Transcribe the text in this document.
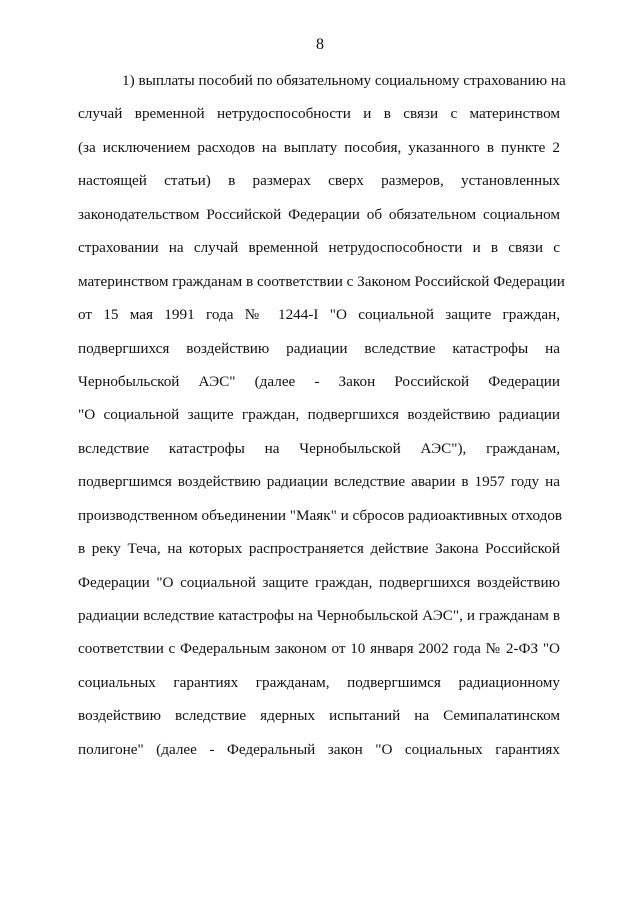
8
1) выплаты пособий по обязательному социальному страхованию на
случай временной нетрудоспособности и в связи с материнством
(за исключением расходов на выплату пособия, указанного в пункте 2
настоящей статьи) в размерах сверх размеров, установленных
законодательством Российской Федерации об обязательном социальном
страховании на случай временной нетрудоспособности и в связи с
материнством гражданам в соответствии с Законом Российской Федерации
от 15 мая 1991 года № 1244-I "О социальной защите граждан,
подвергшихся воздействию радиации вследствие катастрофы на
Чернобыльской АЭС" (далее - Закон Российской Федерации
"О социальной защите граждан, подвергшихся воздействию радиации
вследствие катастрофы на Чернобыльской АЭС"), гражданам,
подвергшимся воздействию радиации вследствие аварии в 1957 году на
производственном объединении "Маяк" и сбросов радиоактивных отходов
в реку Теча, на которых распространяется действие Закона Российской
Федерации "О социальной защите граждан, подвергшихся воздействию
радиации вследствие катастрофы на Чернобыльской АЭС", и гражданам в
соответствии с Федеральным законом от 10 января 2002 года № 2-ФЗ "О
социальных гарантиях гражданам, подвергшимся радиационному
воздействию вследствие ядерных испытаний на Семипалатинском
полигоне" (далее - Федеральный закон "О социальных гарантиях
